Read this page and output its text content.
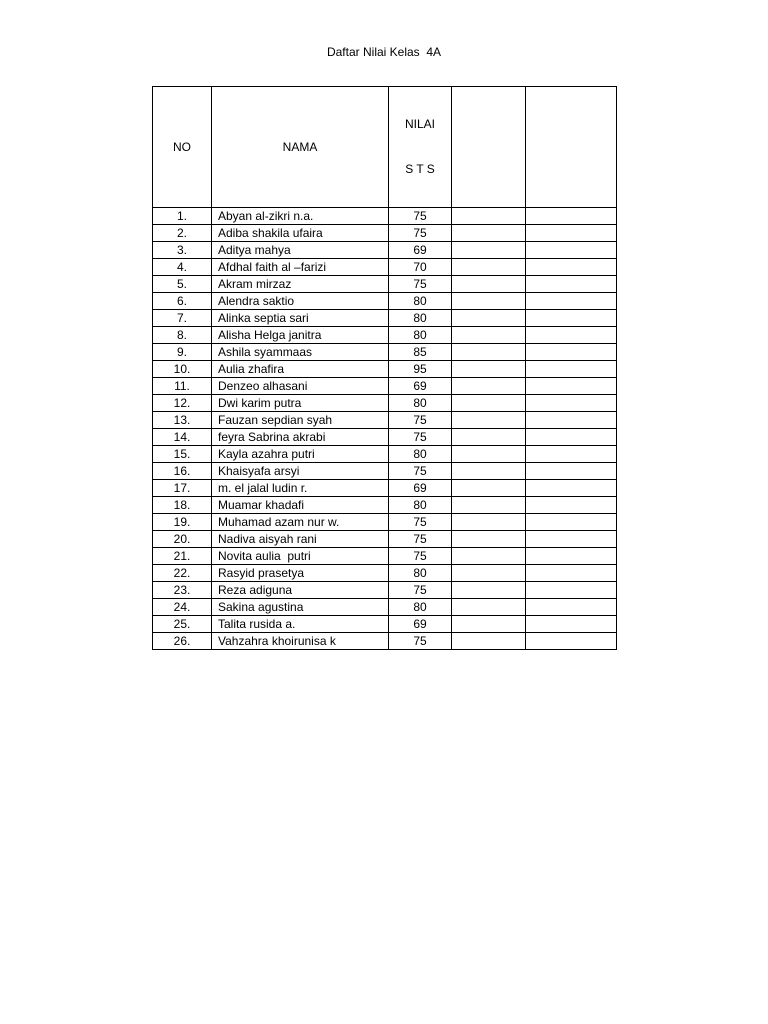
Daftar Nilai Kelas  4A
NO	NAMA	NILAI

S T S		

1.	Abyan al-zikri n.a.	75		
2.	Adiba shakila ufaira	75		
3.	Aditya mahya	69		
4.	Afdhal faith al –farizi	70		
5.	Akram mirzaz	75		
6.	Alendra saktio	80		
7.	Alinka septia sari	80		
8.	Alisha Helga janitra	80		
9.	Ashila syammaas	85		
10.	Aulia zhafira	95		
11.	Denzeo alhasani	69		
12.	Dwi karim putra	80		
13.	Fauzan sepdian syah	75		
14.	feyra Sabrina akrabi	75		
15.	Kayla azahra putri	80		
16.	Khaisyafa arsyi	75		
17.	m. el jalal ludin r.	69		
18.	Muamar khadafi	80		
19.	Muhamad azam nur w.	75		
20.	Nadiva aisyah rani	75		
21.	Novita aulia  putri	75		
22.	Rasyid prasetya	80		
23.	Reza adiguna	75		
24.	Sakina agustina	80		
25.	Talita rusida a.	69		
26.	Vahzahra khoirunisa k	75		
